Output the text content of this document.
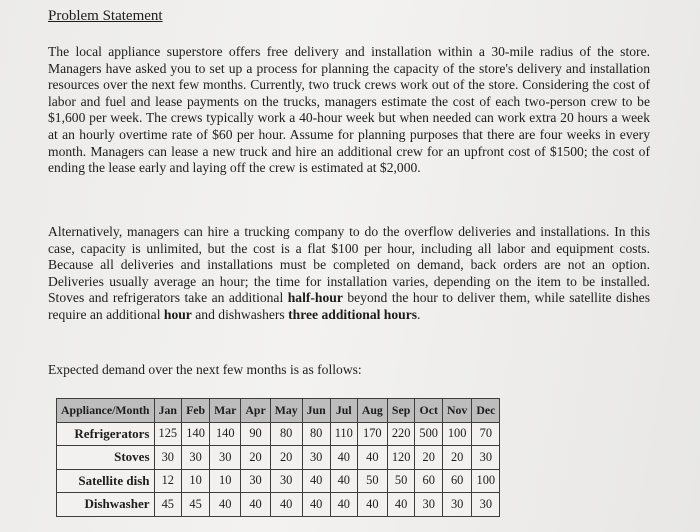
Problem Statement

The local appliance superstore offers free delivery and installation within a 30-mile radius of the store. Managers have asked you to set up a process for planning the capacity of the store's delivery and installation resources over the next few months. Currently, two truck crews work out of the store. Considering the cost of labor and fuel and lease payments on the trucks, managers estimate the cost of each two-person crew to be $1,600 per week. The crews typically work a 40-hour week but when needed can work extra 20 hours a week at an hourly overtime rate of $60 per hour. Assume for planning purposes that there are four weeks in every month. Managers can lease a new truck and hire an additional crew for an upfront cost of $1500; the cost of ending the lease early and laying off the crew is estimated at $2,000.

Alternatively, managers can hire a trucking company to do the overflow deliveries and installations. In this case, capacity is unlimited, but the cost is a flat $100 per hour, including all labor and equipment costs. Because all deliveries and installations must be completed on demand, back orders are not an option. Deliveries usually average an hour; the time for installation varies, depending on the item to be installed. Stoves and refrigerators take an additional half-hour beyond the hour to deliver them, while satellite dishes require an additional hour and dishwashers three additional hours.

Expected demand over the next few months is as follows:

Appliance/Month	Jan	Feb	Mar	Apr	May	Jun	Jul	Aug	Sep	Oct	Nov	Dec
Refrigerators	125	140	140	90	80	80	110	170	220	500	100	70
Stoves	30	30	30	20	20	30	40	40	120	20	20	30
Satellite dish	12	10	10	30	30	40	40	50	50	60	60	100
Dishwasher	45	45	40	40	40	40	40	40	40	30	30	30
